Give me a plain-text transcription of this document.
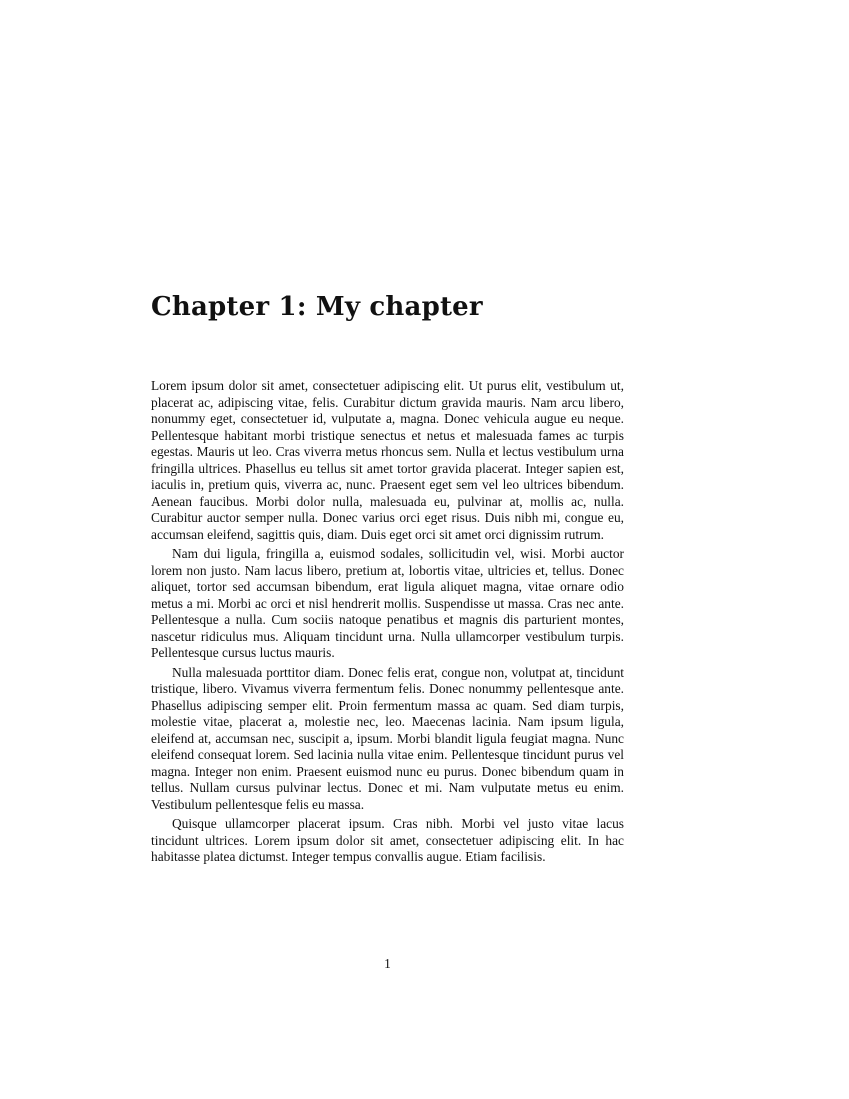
Chapter 1: My chapter

Lorem ipsum dolor sit amet, consectetuer adipiscing elit. Ut purus elit, vestibulum ut, placerat ac, adipiscing vitae, felis. Curabitur dictum gravida mauris. Nam arcu libero, nonummy eget, consectetuer id, vulputate a, magna. Donec vehicula augue eu neque. Pellentesque habitant morbi tristique senectus et netus et malesuada fames ac turpis egestas. Mauris ut leo. Cras viverra metus rhoncus sem. Nulla et lectus vestibulum urna fringilla ultrices. Phasellus eu tellus sit amet tortor gravida placerat. Integer sapien est, iaculis in, pretium quis, viverra ac, nunc. Praesent eget sem vel leo ultrices bibendum. Aenean faucibus. Morbi dolor nulla, malesuada eu, pulvinar at, mollis ac, nulla. Curabitur auctor semper nulla. Donec varius orci eget risus. Duis nibh mi, congue eu, accumsan eleifend, sagittis quis, diam. Duis eget orci sit amet orci dignissim rutrum.

Nam dui ligula, fringilla a, euismod sodales, sollicitudin vel, wisi. Morbi auctor lorem non justo. Nam lacus libero, pretium at, lobortis vitae, ultricies et, tellus. Donec aliquet, tortor sed accumsan bibendum, erat ligula aliquet magna, vitae ornare odio metus a mi. Morbi ac orci et nisl hendrerit mollis. Suspendisse ut massa. Cras nec ante. Pellentesque a nulla. Cum sociis natoque penatibus et magnis dis parturient montes, nascetur ridiculus mus. Aliquam tincidunt urna. Nulla ullamcorper vestibulum turpis. Pellentesque cursus luctus mauris.

Nulla malesuada porttitor diam. Donec felis erat, congue non, volutpat at, tincidunt tristique, libero. Vivamus viverra fermentum felis. Donec nonummy pellentesque ante. Phasellus adipiscing semper elit. Proin fermentum massa ac quam. Sed diam turpis, molestie vitae, placerat a, molestie nec, leo. Maecenas lacinia. Nam ipsum ligula, eleifend at, accumsan nec, suscipit a, ipsum. Morbi blandit ligula feugiat magna. Nunc eleifend consequat lorem. Sed lacinia nulla vitae enim. Pellentesque tincidunt purus vel magna. Integer non enim. Praesent euismod nunc eu purus. Donec bibendum quam in tellus. Nullam cursus pulvinar lectus. Donec et mi. Nam vulputate metus eu enim. Vestibulum pellentesque felis eu massa.

Quisque ullamcorper placerat ipsum. Cras nibh. Morbi vel justo vitae lacus tincidunt ultrices. Lorem ipsum dolor sit amet, consectetuer adipiscing elit. In hac habitasse platea dictumst. Integer tempus convallis augue. Etiam facilisis.

1
